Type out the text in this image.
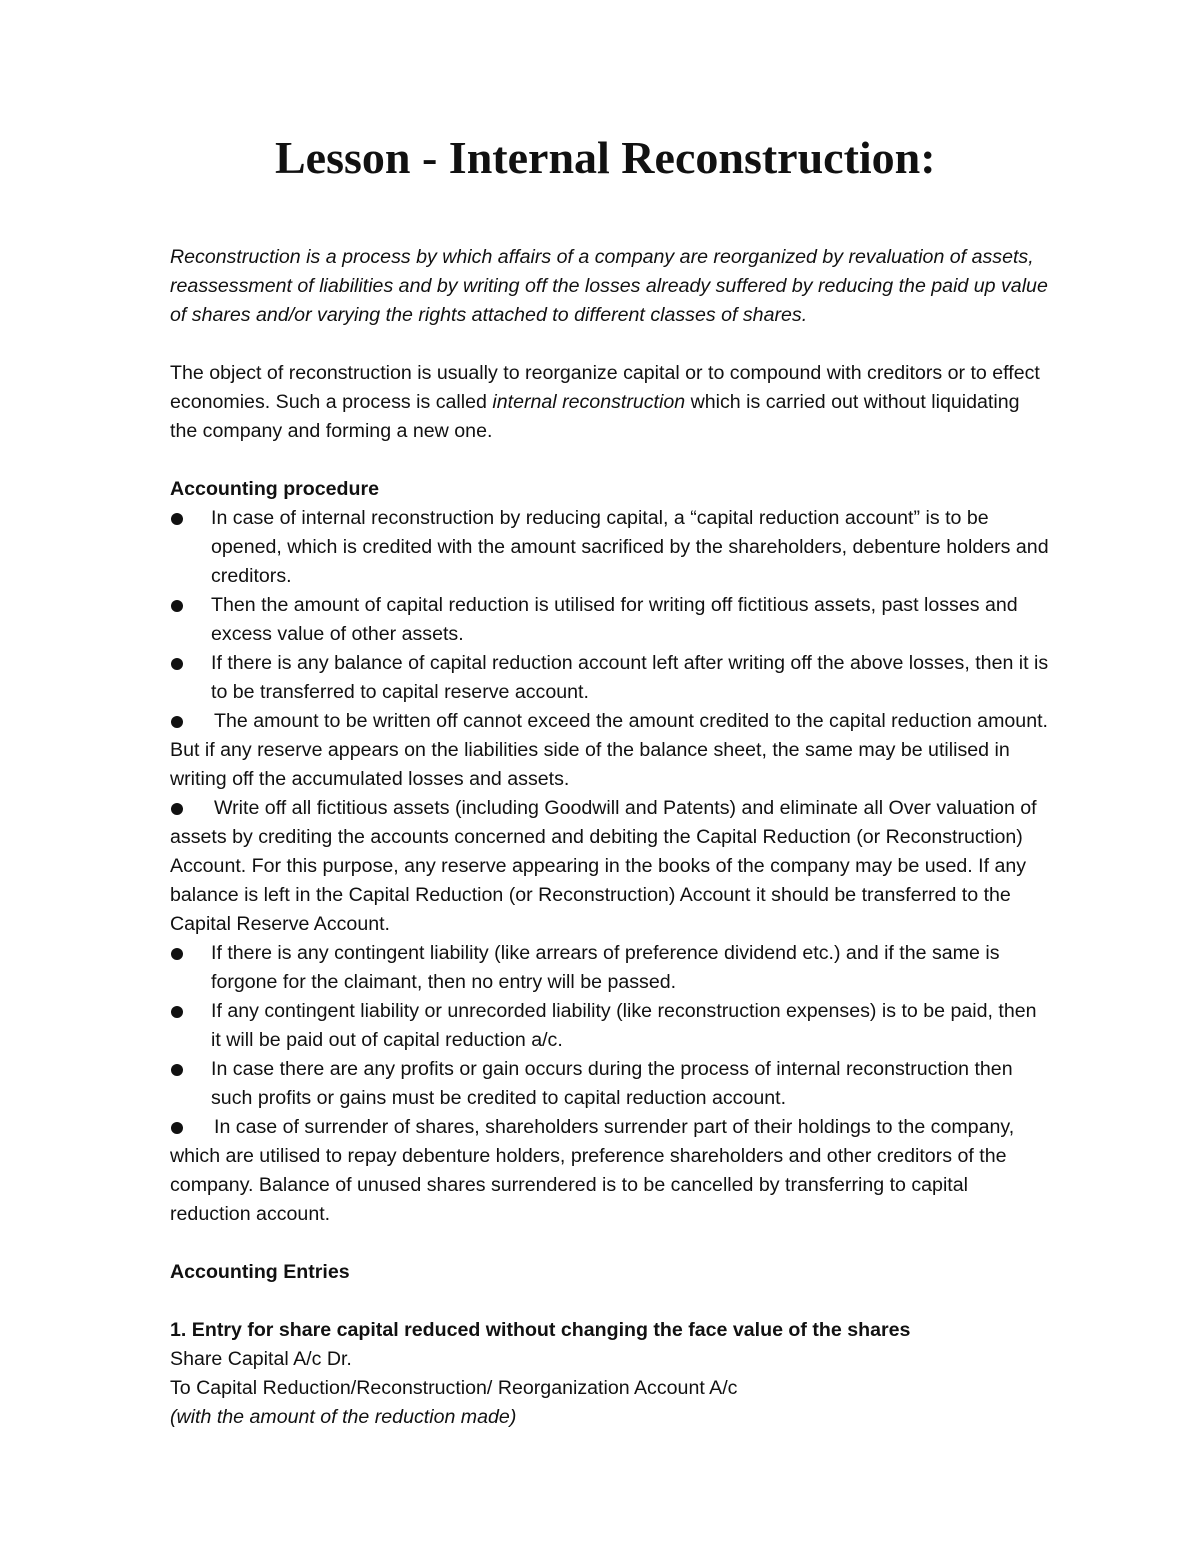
Lesson - Internal Reconstruction:

Reconstruction is a process by which affairs of a company are reorganized by revaluation of assets, reassessment of liabilities and by writing off the losses already suffered by reducing the paid up value of shares and/or varying the rights attached to different classes of shares.

The object of reconstruction is usually to reorganize capital or to compound with creditors or to effect economies. Such a process is called internal reconstruction which is carried out without liquidating the company and forming a new one.

Accounting procedure

In case of internal reconstruction by reducing capital, a “capital reduction account” is to be opened, which is credited with the amount sacrificed by the shareholders, debenture holders and creditors.

Then the amount of capital reduction is utilised for writing off fictitious assets, past losses and excess value of other assets.

If there is any balance of capital reduction account left after writing off the above losses, then it is to be transferred to capital reserve account.

The amount to be written off cannot exceed the amount credited to the capital reduction amount. But if any reserve appears on the liabilities side of the balance sheet, the same may be utilised in writing off the accumulated losses and assets.

Write off all fictitious assets (including Goodwill and Patents) and eliminate all Over valuation of assets by crediting the accounts concerned and debiting the Capital Reduction (or Reconstruction) Account. For this purpose, any reserve appearing in the books of the company may be used. If any balance is left in the Capital Reduction (or Reconstruction) Account it should be transferred to the Capital Reserve Account.

If there is any contingent liability (like arrears of preference dividend etc.) and if the same is forgone for the claimant, then no entry will be passed.

If any contingent liability or unrecorded liability (like reconstruction expenses) is to be paid, then it will be paid out of capital reduction a/c.

In case there are any profits or gain occurs during the process of internal reconstruction then such profits or gains must be credited to capital reduction account.

In case of surrender of shares, shareholders surrender part of their holdings to the company, which are utilised to repay debenture holders, preference shareholders and other creditors of the company. Balance of unused shares surrendered is to be cancelled by transferring to capital reduction account.

Accounting Entries

1. Entry for share capital reduced without changing the face value of the shares

Share Capital A/c Dr.

To Capital Reduction/Reconstruction/ Reorganization Account A/c

(with the amount of the reduction made)
